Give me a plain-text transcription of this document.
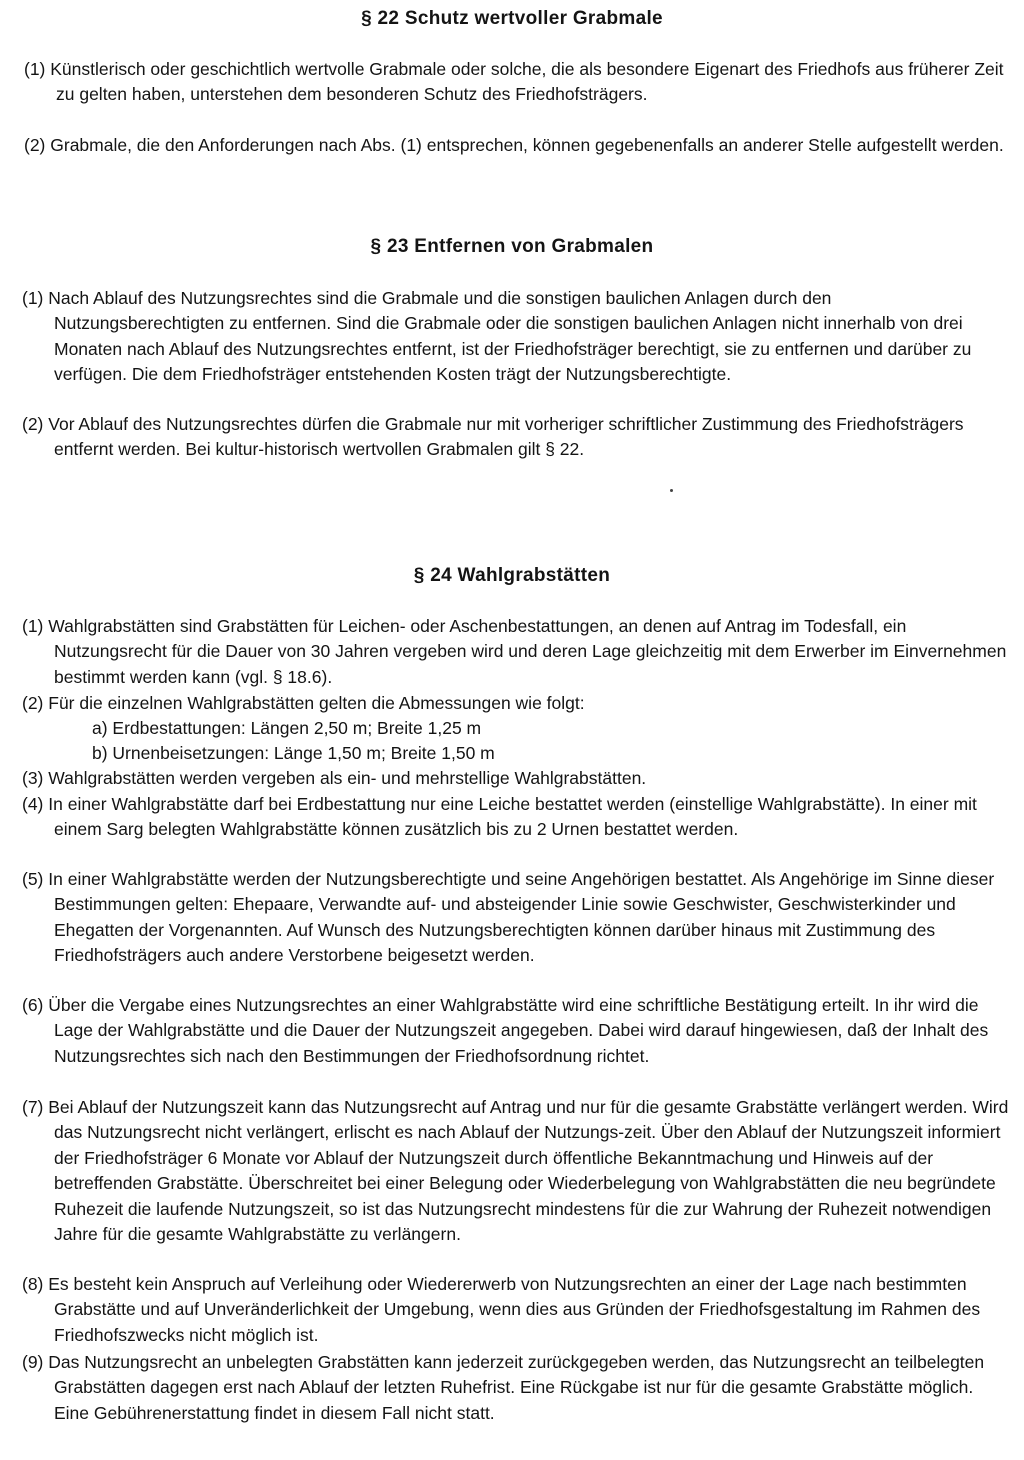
§ 22 Schutz wertvoller Grabmale

(1) Künstlerisch oder geschichtlich wertvolle Grabmale oder solche, die als besondere Eigenart des Friedhofs aus früherer Zeit zu gelten haben, unterstehen dem besonderen Schutz des Friedhofsträgers.

(2) Grabmale, die den Anforderungen nach Abs. (1) entsprechen, können gegebenenfalls an anderer Stelle aufgestellt werden.

§ 23 Entfernen von Grabmalen

(1) Nach Ablauf des Nutzungsrechtes sind die Grabmale und die sonstigen baulichen Anlagen durch den Nutzungsberechtigten zu entfernen. Sind die Grabmale oder die sonstigen baulichen Anlagen nicht innerhalb von drei Monaten nach Ablauf des Nutzungsrechtes entfernt, ist der Friedhofsträger berechtigt, sie zu entfernen und darüber zu verfügen. Die dem Friedhofsträger entstehenden Kosten trägt der Nutzungsberechtigte.

(2) Vor Ablauf des Nutzungsrechtes dürfen die Grabmale nur mit vorheriger schriftlicher Zustimmung des Friedhofsträgers entfernt werden. Bei kultur-historisch wertvollen Grabmalen gilt § 22.

§ 24 Wahlgrabstätten

(1) Wahlgrabstätten sind Grabstätten für Leichen- oder Aschenbestattungen, an denen auf Antrag im Todesfall, ein Nutzungsrecht für die Dauer von 30 Jahren vergeben wird und deren Lage gleichzeitig mit dem Erwerber im Einvernehmen bestimmt werden kann (vgl. § 18.6).

(2) Für die einzelnen Wahlgrabstätten gelten die Abmessungen wie folgt:

a) Erdbestattungen: Längen 2,50 m; Breite 1,25 m

b) Urnenbeisetzungen: Länge 1,50 m; Breite 1,50 m

(3) Wahlgrabstätten werden vergeben als ein- und mehrstellige Wahlgrabstätten.

(4) In einer Wahlgrabstätte darf bei Erdbestattung nur eine Leiche bestattet werden (einstellige Wahlgrabstätte). In einer mit einem Sarg belegten Wahlgrabstätte können zusätzlich bis zu 2 Urnen bestattet werden.

(5) In einer Wahlgrabstätte werden der Nutzungsberechtigte und seine Angehörigen bestattet. Als Angehörige im Sinne dieser Bestimmungen gelten: Ehepaare, Verwandte auf- und absteigender Linie sowie Geschwister, Geschwisterkinder und Ehegatten der Vorgenannten. Auf Wunsch des Nutzungsberechtigten können darüber hinaus mit Zustimmung des Friedhofsträgers auch andere Verstorbene beigesetzt werden.

(6) Über die Vergabe eines Nutzungsrechtes an einer Wahlgrabstätte wird eine schriftliche Bestätigung erteilt. In ihr wird die Lage der Wahlgrabstätte und die Dauer der Nutzungszeit angegeben. Dabei wird darauf hingewiesen, daß der Inhalt des Nutzungsrechtes sich nach den Bestimmungen der Friedhofsordnung richtet.

(7) Bei Ablauf der Nutzungszeit kann das Nutzungsrecht auf Antrag und nur für die gesamte Grabstätte verlängert werden. Wird das Nutzungsrecht nicht verlängert, erlischt es nach Ablauf der Nutzungs-zeit. Über den Ablauf der Nutzungszeit informiert der Friedhofsträger 6 Monate vor Ablauf der Nutzungszeit durch öffentliche Bekanntmachung und Hinweis auf der betreffenden Grabstätte. Überschreitet bei einer Belegung oder Wiederbelegung von Wahlgrabstätten die neu begründete Ruhezeit die laufende Nutzungszeit, so ist das Nutzungsrecht mindestens für die zur Wahrung der Ruhezeit notwendigen Jahre für die gesamte Wahlgrabstätte zu verlängern.

(8) Es besteht kein Anspruch auf Verleihung oder Wiedererwerb von Nutzungsrechten an einer der Lage nach bestimmten Grabstätte und auf Unveränderlichkeit der Umgebung, wenn dies aus Gründen der Friedhofsgestaltung im Rahmen des Friedhofszwecks nicht möglich ist.

(9) Das Nutzungsrecht an unbelegten Grabstätten kann jederzeit zurückgegeben werden, das Nutzungsrecht an teilbelegten Grabstätten dagegen erst nach Ablauf der letzten Ruhefrist. Eine Rückgabe ist nur für die gesamte Grabstätte möglich. Eine Gebührenerstattung findet in diesem Fall nicht statt.
